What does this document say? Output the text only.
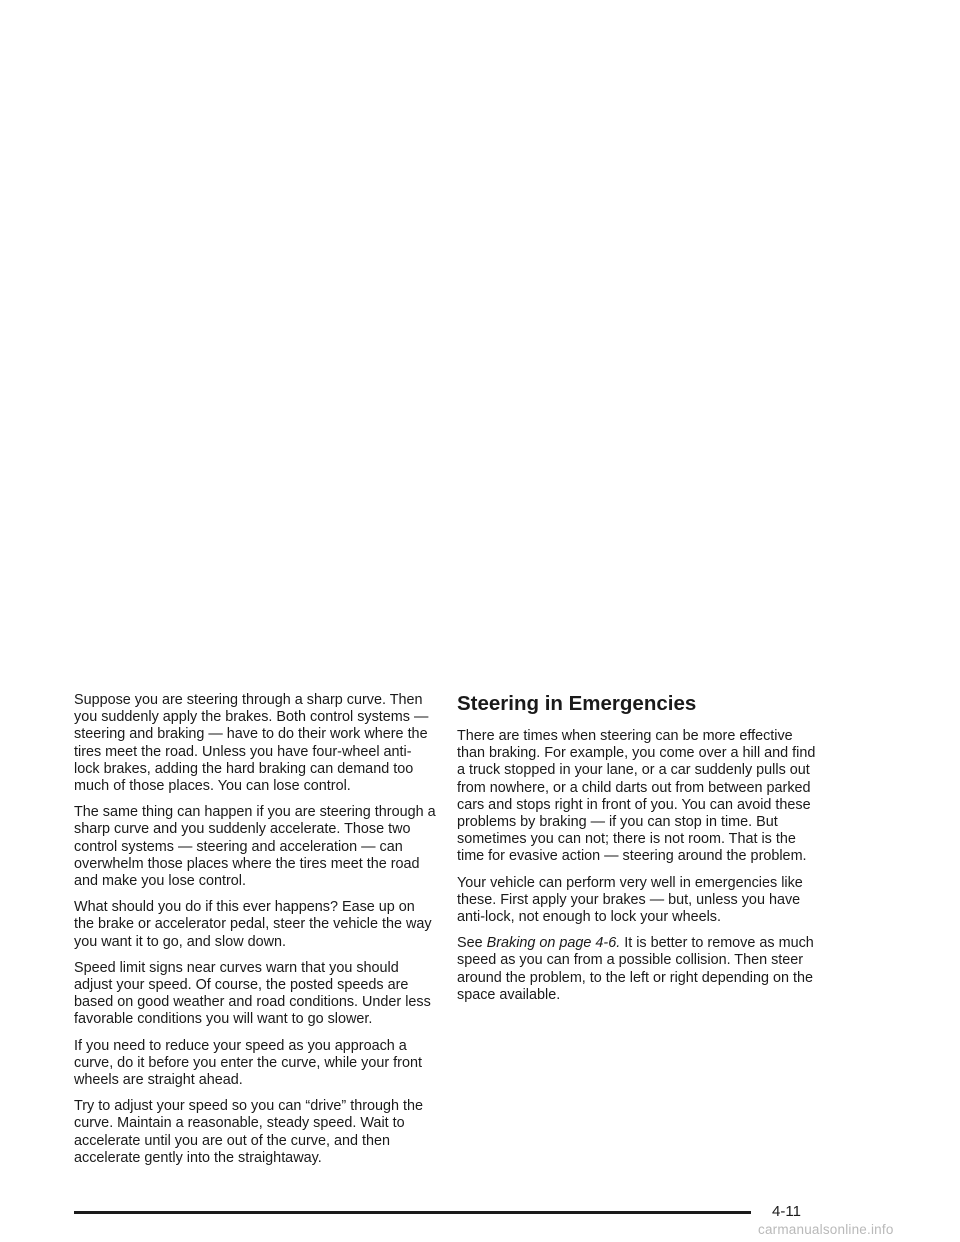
Suppose you are steering through a sharp curve. Then you suddenly apply the brakes. Both control systems — steering and braking — have to do their work where the tires meet the road. Unless you have four-wheel anti-lock brakes, adding the hard braking can demand too much of those places. You can lose control.

The same thing can happen if you are steering through a sharp curve and you suddenly accelerate. Those two control systems — steering and acceleration — can overwhelm those places where the tires meet the road and make you lose control.

What should you do if this ever happens? Ease up on the brake or accelerator pedal, steer the vehicle the way you want it to go, and slow down.

Speed limit signs near curves warn that you should adjust your speed. Of course, the posted speeds are based on good weather and road conditions. Under less favorable conditions you will want to go slower.

If you need to reduce your speed as you approach a curve, do it before you enter the curve, while your front wheels are straight ahead.

Try to adjust your speed so you can “drive” through the curve. Maintain a reasonable, steady speed. Wait to accelerate until you are out of the curve, and then accelerate gently into the straightaway.

Steering in Emergencies

There are times when steering can be more effective than braking. For example, you come over a hill and find a truck stopped in your lane, or a car suddenly pulls out from nowhere, or a child darts out from between parked cars and stops right in front of you. You can avoid these problems by braking — if you can stop in time. But sometimes you can not; there is not room. That is the time for evasive action — steering around the problem.

Your vehicle can perform very well in emergencies like these. First apply your brakes — but, unless you have anti-lock, not enough to lock your wheels.

See Braking on page 4-6. It is better to remove as much speed as you can from a possible collision. Then steer around the problem, to the left or right depending on the space available.

4-11
carmanualsonline.info
